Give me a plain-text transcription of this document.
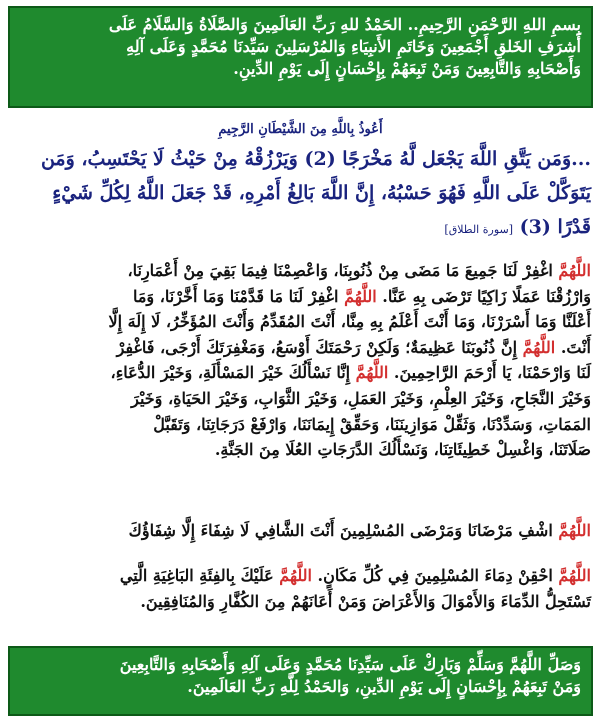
بِسمِ اللهِ الرَّحْمَنِ الرَّحِيمِ.. الحَمْدُ للهِ رَبِّ العَالَمِينَ وَالصَّلَاةُ وَالسَّلَامُ عَلَى
أَشرَفِ الخَلقِ أَجْمَعِينَ وَخَاتَمِ الأَنبِيَاءِ وَالمُرْسَلِينَ سَيِّدنَا مُحَمَّدٍ وَعَلَى آلِهِ
وَأَصْحَابِهِ وَالتَّابِعِينَ وَمَنْ تَبِعَهُمْ بِإِحْسَانٍ إِلَى يَوْمِ الدِّينِ.
أَعُوذُ بِاللَّهِ مِنَ الشَّيْطَانِ الرَّجِيمِ
...وَمَن يَتَّقِ اللَّهَ يَجْعَل لَّهُ مَخْرَجًا (2) وَيَرْزُقْهُ مِنْ حَيْثُ لَا يَحْتَسِبُ، وَمَن
يَتَوَكَّلْ عَلَى اللَّهِ فَهُوَ حَسْبُهُ، إِنَّ اللَّهَ بَالِغُ أَمْرِهِ، قَدْ جَعَلَ اللَّهُ لِكُلِّ شَيْءٍ
قَدْرًا (3) [سورة الطلاق]
اللَّهُمَّ اغْفِرْ لَنَا جَمِيعَ مَا مَضَى مِنْ ذُنُوبِنَا، وَاعْصِمْنَا فِيمَا بَقِيَ مِنْ أَعْمَارِنَا،
وَارْزُقْنَا عَمَلًا زَاكِيًا تَرْضَى بِهِ عَنَّا. اللَّهُمَّ اغْفِرْ لَنَا مَا قَدَّمْنَا وَمَا أَخَّرْنَا، وَمَا
أَعْلَنَّا وَمَا أَسْرَرْنَا، وَمَا أَنْتَ أَعْلَمُ بِهِ مِنَّا، أَنْتَ المُقَدِّمُ وَأَنْتَ المُؤَخِّرُ، لَا إِلَهَ إِلَّا
أَنْتَ. اللَّهُمَّ إِنَّ ذُنُوبَنَا عَظِيمَةٌ؛ وَلَكِنْ رَحْمَتَكَ أَوْسَعُ، وَمَغْفِرَتَكَ أَرْجَى، فَاغْفِرْ
لَنَا وَارْحَمْنَا، يَا أَرْحَمَ الرَّاحِمِينَ. اللَّهُمَّ إِنَّا نَسْأَلُكَ خَيْرَ المَسْأَلَةِ، وَخَيْرَ الدُّعَاءِ،
وَخَيْرَ النَّجَاحِ، وَخَيْرَ العِلْمِ، وَخَيْرَ العَمَلِ، وَخَيْرَ الثَّوَابِ، وَخَيْرَ الحَيَاةِ، وَخَيْرَ
المَمَاتِ، وَسَدِّدْنَا، وَثَقِّلْ مَوَازِينَنَا، وَحَقِّقْ إِيمَانَنَا، وَارْفَعْ دَرَجَاتِنَا، وَتَقَبَّلْ
صَلَاتَنَا، وَاغْسِلْ خَطِيئَاتِنَا، وَنَسْأَلُكَ الدَّرَجَاتِ العُلَا مِنَ الجَنَّةِ.
اللَّهُمَّ اشْفِ مَرْضَانَا وَمَرْضَى المُسْلِمِينَ أَنْتَ الشَّافِي لَا شِفَاءَ إِلَّا شِفَاؤُكَ
اللَّهُمَّ احْقِنْ دِمَاءَ المُسْلِمِينَ فِي كُلِّ مَكَانٍ. اللَّهُمَّ عَلَيْكَ بِالفِئَةِ البَاغِيَةِ الَّتِي
تَسْتَحِلُّ الدِّمَاءَ وَالأَمْوَالَ وَالأَعْرَاضَ وَمَنْ أَعَانَهُمْ مِنَ الكُفَّارِ وَالمُنَافِقِينَ.
وَصَلِّ اللَّهُمَّ وَسَلِّمْ وَبَارِكْ عَلَى سَيِّدِنَا مُحَمَّدٍ وَعَلَى آلِهِ وَأَصْحَابِهِ وَالتَّابِعِينَ
وَمَنْ تَبِعَهُمْ بِإِحْسَانٍ إِلَى يَوْمِ الدِّينِ، وَالحَمْدُ لِلَّهِ رَبِّ العَالَمِينَ.
